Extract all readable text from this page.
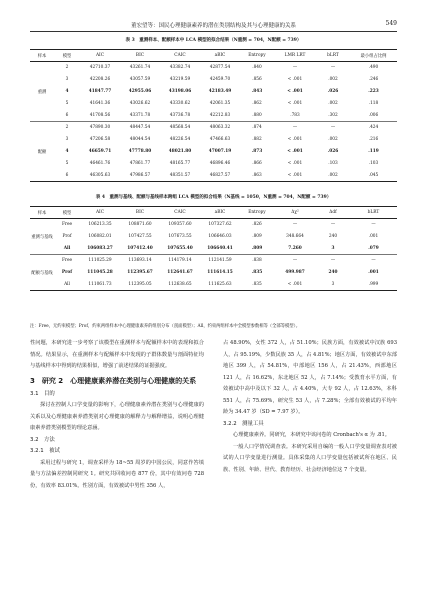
董宏望等：国民心理健康素养的潜在类别结构及其与心理健康的关系	549
表 3　重测样本、配额样本中 LCA 模型的拟合结果（N重测 = 704，N配额 = 739）
样本	模型	AIC	BIC	CAIC	aBIC	Entropy	LMR LRT	bLRT	最小组占比例
重测	2	42710.37	43261.74	43382.74	42877.54	.840	—	—	.490
	3	42208.26	43057.59	43219.59	42459.70	.856	< .001	.002	.246
	4	41847.77	42955.06	43198.06	42183.49	.843	< .001	.026	.223
	5	41641.36	43026.62	43330.62	42061.35	.862	< .001	.002	.118
	6	41708.56	43371.78	43736.78	42212.83	.880	.783	.302	.006
配额	2	47890.30	48447.54	48568.54	48063.32	.874	—	—	.424
	3	47206.58	48044.54	48226.54	47466.63	.882	< .001	.002	.216
	4	46659.71	47778.80	48021.80	47007.19	.873	< .001	.026	.119
	5	46461.76	47861.77	48165.77	46896.46	.866	< .001	.103	.103
	6	46305.63	47986.57	48351.57	46827.57	.863	< .001	.002	.045
表 4　重测与基线、配额与基线样本跨组 LCA 模型的拟合结果（N基线 = 1050，N重测 = 704，N配额 = 739）
样本	模型	AIC	BIC	CAIC	aBIC	Entropy	Δχ²	Δdf	bLRT
重测与基线	Free	106213.35	108871.60	109357.60	107327.62	.826	—	—	—
	Prof	106082.01	107427.55	107673.55	106646.03	.809	348.664	240	.001
	All	106083.27	107412.40	107655.40	106640.41	.809	7.260	3	.079
配额与基线	Free	111025.29	113693.14	114179.14	112141.59	.838	—	—	—
	Prof	111045.28	112395.67	112641.67	111614.15	.835	499.987	240	.001
	All	111061.73	112395.05	112638.65	111625.63	.835	< .001	3	.999
注：Free，无约束模型；Prof，约束两组样本中心理健康素养的组别分布（剖面模型）；All，约束两组样本中全模型参数相等（全部等模型）。

性问题，本研究进一步考察了该模型在重测样本与配额样本中的表现和拟合情况。结果显示，在重测样本与配额样本中发现的子群体数量与剖面特征均与基线样本中得到的结果相似，增强了前述结果的证据强度。

3　研究 2　心理健康素养潜在类别与心理健康的关系
3.1　目的

探讨在控制人口学变量的影响下，心理健康素养潜在类别与心理健康的关系以及心理健康素养潜类别对心理健康的解释力与解释增益，说明心理健康素养潜类别模型的理论意涵。

3.2　方法
3.2.1　被试

采用过程与研究 1，调查采样为 18~55 周岁的中国公民，同意作答填量与方法偏差控制同研究 1。研究共回收问卷 877 份，其中有效问卷 728 份，有效率 83.01%。性别方面，有效被试中男性 356 人，

占 48.90%，女性 372 人，占 51.10%；民族方面，有效被试中汉族 693 人，占 95.19%，少数民族 35 人，占 4.81%；地区方面，有效被试中东部地区 399 人，占 54.81%，中部地区 156 人，占 21.43%，西部地区 121 人，占 16.62%，东北地区 52 人，占 7.14%；受教育水平方面，有效被试中高中及以下 32 人，占 4.40%，大专 92 人，占 12.63%，本科 551 人，占 75.69%，研究生 53 人，占 7.28%；全部有效被试的平均年龄为 34.47 岁（SD = 7.97 岁）。

3.2.2　测量工具

心理健康素养。同研究，本研究中该问卷的 Cronbach's α 为 .81。

一般人口学情况调查表。本研究采用自编的一般人口学变量调查表对被试的人口学变量进行测量。具体采集的人口学变量包括被试所在地区、民族、性别、年龄、世代、教育经历、社会经济地位这 7 个变量。
